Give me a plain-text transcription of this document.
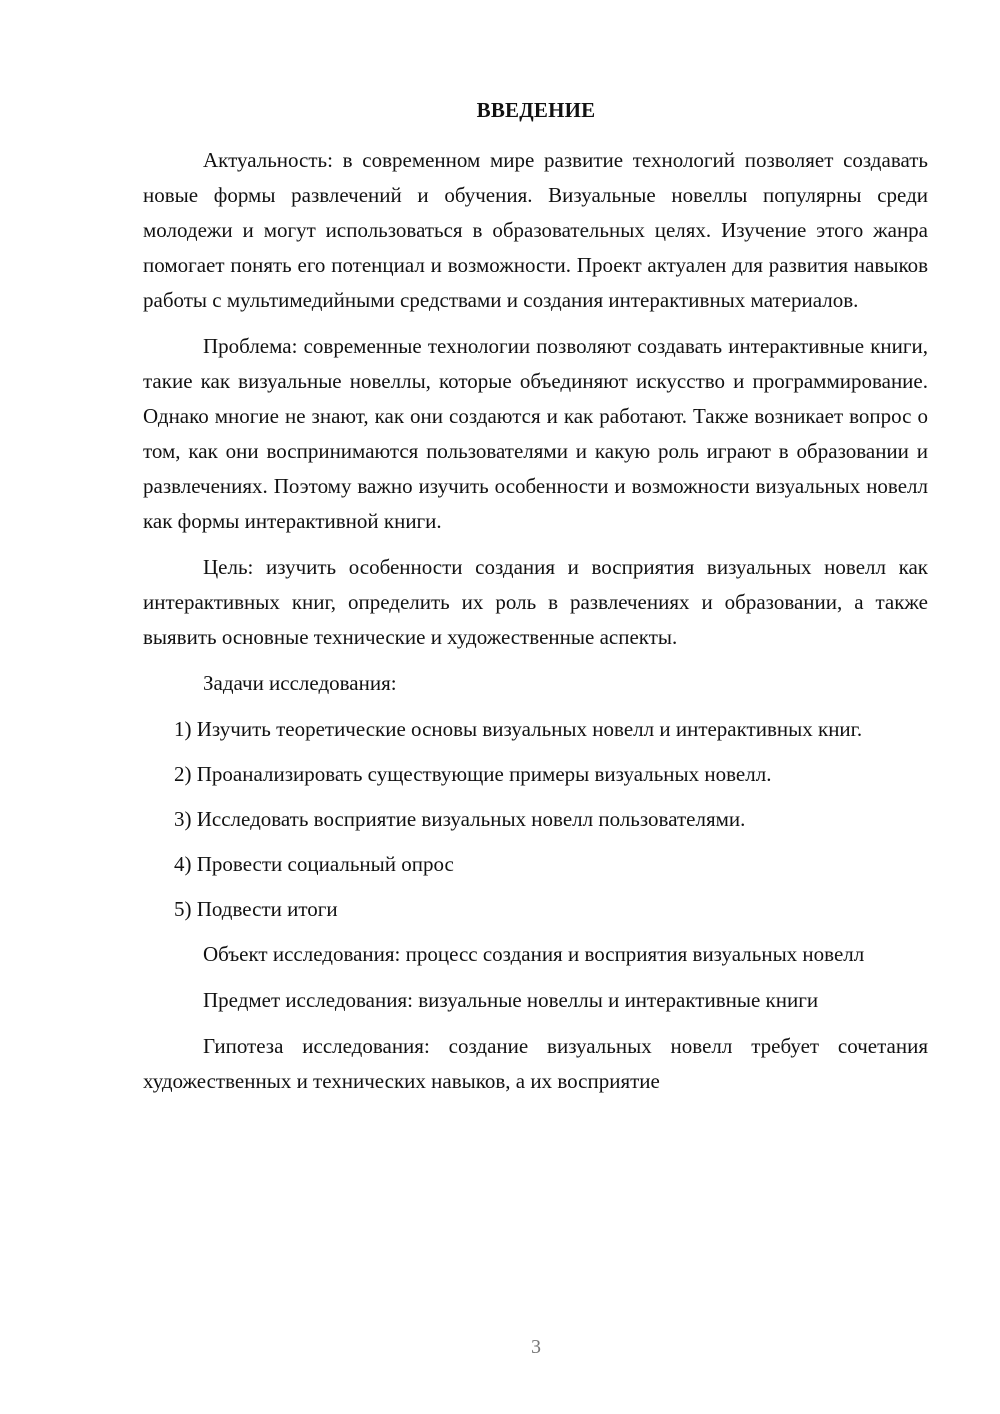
ВВЕДЕНИЕ

Актуальность: в современном мире развитие технологий позволяет создавать новые формы развлечений и обучения. Визуальные новеллы популярны среди молодежи и могут использоваться в образовательных целях. Изучение этого жанра помогает понять его потенциал и возможности. Проект актуален для развития навыков работы с мультимедийными средствами и создания интерактивных материалов.

Проблема: современные технологии позволяют создавать интерактивные книги, такие как визуальные новеллы, которые объединяют искусство и программирование. Однако многие не знают, как они создаются и как работают. Также возникает вопрос о том, как они воспринимаются пользователями и какую роль играют в образовании и развлечениях. Поэтому важно изучить особенности и возможности визуальных новелл как формы интерактивной книги.

Цель: изучить особенности создания и восприятия визуальных новелл как интерактивных книг, определить их роль в развлечениях и образовании, а также выявить основные технические и художественные аспекты.

Задачи исследования:

1) Изучить теоретические основы визуальных новелл и интерактивных книг.

2) Проанализировать существующие примеры визуальных новелл.

3) Исследовать восприятие визуальных новелл пользователями.

4) Провести социальный опрос

5) Подвести итоги

Объект исследования: процесс создания и восприятия визуальных новелл

Предмет исследования: визуальные новеллы и интерактивные книги

Гипотеза исследования: создание визуальных новелл требует сочетания художественных и технических навыков, а их восприятие

3
